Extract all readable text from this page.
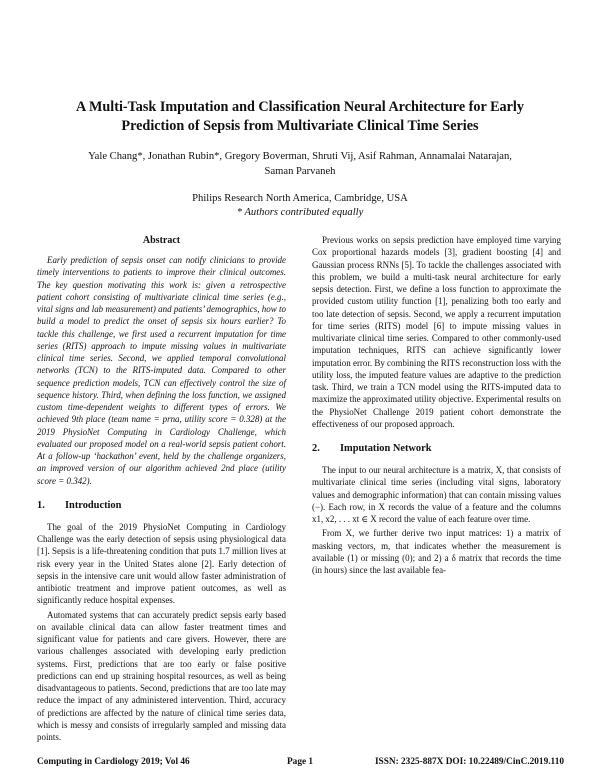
A Multi-Task Imputation and Classification Neural Architecture for Early
Prediction of Sepsis from Multivariate Clinical Time Series
Yale Chang*, Jonathan Rubin*, Gregory Boverman, Shruti Vij, Asif Rahman, Annamalai Natarajan,
Saman Parvaneh
Philips Research North America, Cambridge, USA
* Authors contributed equally
Abstract

Early prediction of sepsis onset can notify clinicians to provide timely interventions to patients to improve their clinical outcomes. The key question motivating this work is: given a retrospective patient cohort consisting of multivariate clinical time series (e.g., vital signs and lab measurement) and patients’ demographics, how to build a model to predict the onset of sepsis six hours earlier? To tackle this challenge, we first used a recurrent imputation for time series (RITS) approach to impute missing values in multivariate clinical time series. Second, we applied temporal convolutional networks (TCN) to the RITS-imputed data. Compared to other sequence prediction models, TCN can effectively control the size of sequence history. Third, when defining the loss function, we assigned custom time-dependent weights to different types of errors. We achieved 9th place (team name = prna, utility score = 0.328) at the 2019 PhysioNet Computing in Cardiology Challenge, which evaluated our proposed model on a real-world sepsis patient cohort. At a follow-up ‘hackathon’ event, held by the challenge organizers, an improved version of our algorithm achieved 2nd place (utility score = 0.342).

1. Introduction

The goal of the 2019 PhysioNet Computing in Cardiology Challenge was the early detection of sepsis using physiological data [1]. Sepsis is a life-threatening condition that puts 1.7 million lives at risk every year in the United States alone [2]. Early detection of sepsis in the intensive care unit would allow faster administration of antibiotic treatment and improve patient outcomes, as well as significantly reduce hospital expenses.

Automated systems that can accurately predict sepsis early based on available clinical data can allow faster treatment times and significant value for patients and care givers. However, there are various challenges associated with developing early prediction systems. First, predictions that are too early or false positive predictions can end up straining hospital resources, as well as being disadvantageous to patients. Second, predictions that are too late may reduce the impact of any administered intervention. Third, accuracy of predictions are affected by the nature of clinical time series data, which is messy and consists of irregularly sampled and missing data points.

Previous works on sepsis prediction have employed time varying Cox proportional hazards models [3], gradient boosting [4] and Gaussian process RNNs [5]. To tackle the challenges associated with this problem, we build a multi-task neural architecture for early sepsis detection. First, we define a loss function to approximate the provided custom utility function [1], penalizing both too early and too late detection of sepsis. Second, we apply a recurrent imputation for time series (RITS) model [6] to impute missing values in multivariate clinical time series. Compared to other commonly-used imputation techniques, RITS can achieve significantly lower imputation error. By combining the RITS reconstruction loss with the utility loss, the imputed feature values are adaptive to the prediction task. Third, we train a TCN model using the RITS-imputed data to maximize the approximated utility objective. Experimental results on the PhysioNet Challenge 2019 patient cohort demonstrate the effectiveness of our proposed approach.

2. Imputation Network

The input to our neural architecture is a matrix, X, that consists of multivariate clinical time series (including vital signs, laboratory values and demographic information) that can contain missing values (−). Each row, in X records the value of a feature and the columns x1, x2, . . . xt ∈ X record the value of each feature over time.

From X, we further derive two input matrices: 1) a matrix of masking vectors, m, that indicates whether the measurement is available (1) or missing (0); and 2) a δ matrix that records the time (in hours) since the last available fea-

Computing in Cardiology 2019; Vol 46	Page 1	ISSN: 2325-887X DOI: 10.22489/CinC.2019.110
